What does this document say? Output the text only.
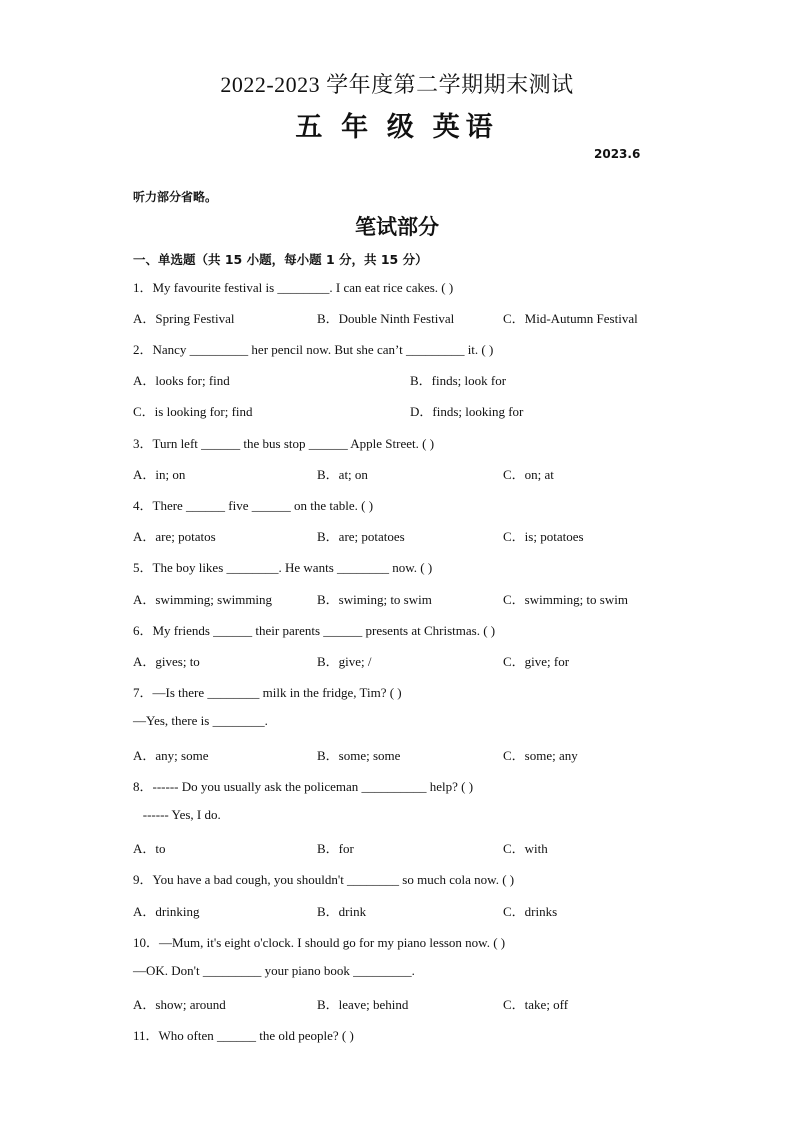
2022-2023 学年度第二学期期末测试
五 年 级 英语
2023.6
听力部分省略。
笔试部分
一、单选题（共 15 小题，每小题 1 分，共 15 分）
1．My favourite festival is ________. I can eat rice cakes. ( )
A．Spring Festival	B．Double Ninth Festival	C．Mid-Autumn Festival
2．Nancy _________ her pencil now. But she can’t _________ it. ( )
A．looks for; find	B．finds; look for
C．is looking for; find	D．finds; looking for
3．Turn left ______ the bus stop ______ Apple Street. ( )
A．in; on	B．at; on	C．on; at
4．There ______ five ______ on the table. ( )
A．are; potatos	B．are; potatoes	C．is; potatoes
5．The boy likes ________. He wants ________ now. ( )
A．swimming; swimming	B．swiming; to swim	C．swimming; to swim
6．My friends ______ their parents ______ presents at Christmas. ( )
A．gives; to	B．give; /	C．give; for
7．—Is there ________ milk in the fridge, Tim? ( )
—Yes, there is ________.
A．any; some	B．some; some	C．some; any
8．------ Do you usually ask the policeman __________ help? ( )
------ Yes, I do.
A．to	B．for	C．with
9．You have a bad cough, you shouldn't ________ so much cola now. ( )
A．drinking	B．drink	C．drinks
10．—Mum, it's eight o'clock. I should go for my piano lesson now. ( )
—OK. Don't _________ your piano book _________.
A．show; around	B．leave; behind	C．take; off
11．Who often ______ the old people? ( )
